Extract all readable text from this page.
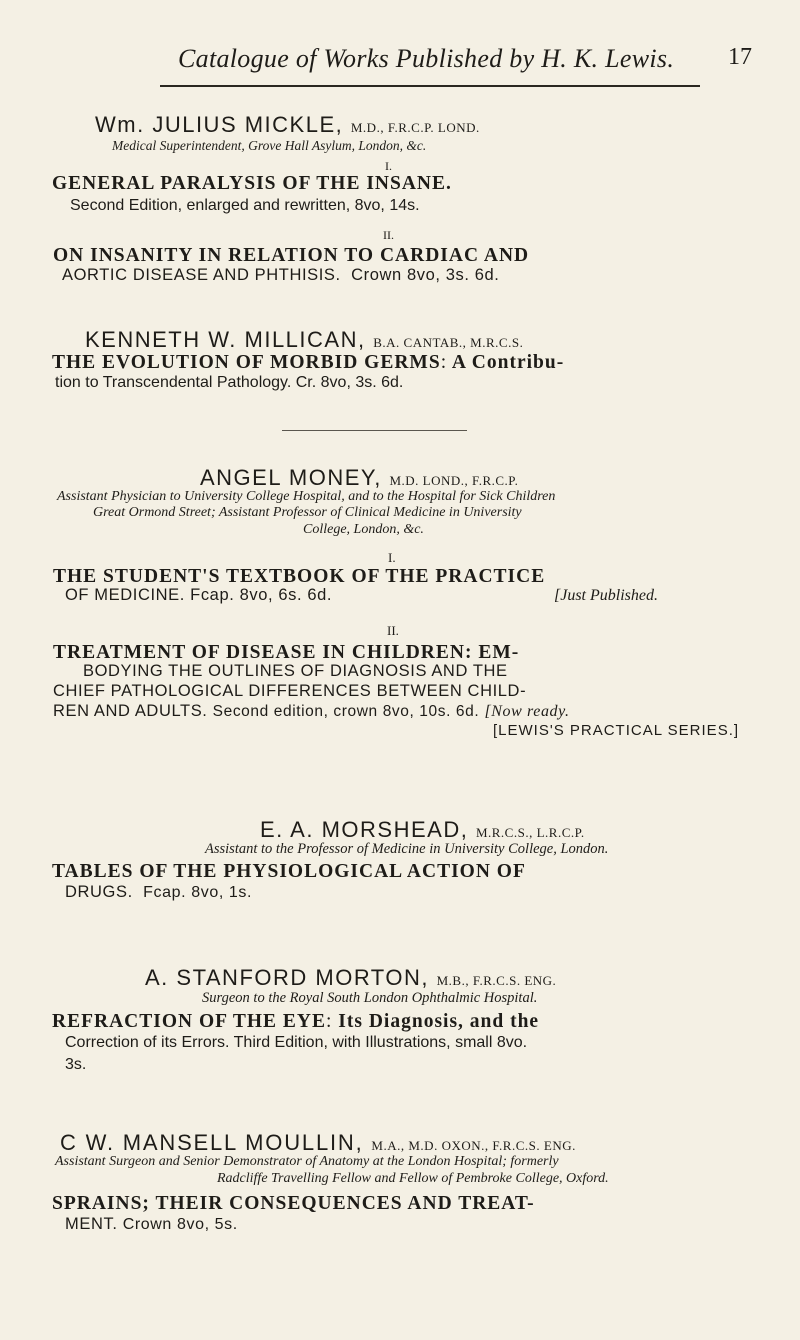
Catalogue of Works Published by H. K. Lewis. 17
Wm. JULIUS MICKLE, M.D., F.R.C.P. LOND.
Medical Superintendent, Grove Hall Asylum, London, &c.
I.
GENERAL PARALYSIS OF THE INSANE.
Second Edition, enlarged and rewritten, 8vo, 14s.
II.
ON INSANITY IN RELATION TO CARDIAC AND
AORTIC DISEASE AND PHTHISIS. Crown 8vo, 3s. 6d.
KENNETH W. MILLICAN, B.A. CANTAB., M.R.C.S.
THE EVOLUTION OF MORBID GERMS: A Contribu-
tion to Transcendental Pathology. Cr. 8vo, 3s. 6d.
ANGEL MONEY, M.D. LOND., F.R.C.P.
Assistant Physician to University College Hospital, and to the Hospital for Sick Children
Great Ormond Street; Assistant Professor of Clinical Medicine in University
College, London, &c.
I.
THE STUDENT'S TEXTBOOK OF THE PRACTICE
OF MEDICINE. Fcap. 8vo, 6s. 6d.	[Just Published.
II.
TREATMENT OF DISEASE IN CHILDREN: EM-
BODYING THE OUTLINES OF DIAGNOSIS AND THE
CHIEF PATHOLOGICAL DIFFERENCES BETWEEN CHILD-
REN AND ADULTS. Second edition, crown 8vo, 10s. 6d. [Now ready.
[LEWIS'S PRACTICAL SERIES.]
E. A. MORSHEAD, M.R.C.S., L.R.C.P.
Assistant to the Professor of Medicine in University College, London.
TABLES OF THE PHYSIOLOGICAL ACTION OF
DRUGS. Fcap. 8vo, 1s.
A. STANFORD MORTON, M.B., F.R.C.S. ENG.
Surgeon to the Royal South London Ophthalmic Hospital.
REFRACTION OF THE EYE: Its Diagnosis, and the
Correction of its Errors. Third Edition, with Illustrations, small 8vo.
3s.
C W. MANSELL MOULLIN, M.A., M.D. OXON., F.R.C.S. ENG.
Assistant Surgeon and Senior Demonstrator of Anatomy at the London Hospital; formerly
Radcliffe Travelling Fellow and Fellow of Pembroke College, Oxford.
SPRAINS; THEIR CONSEQUENCES AND TREAT-
MENT. Crown 8vo, 5s.
